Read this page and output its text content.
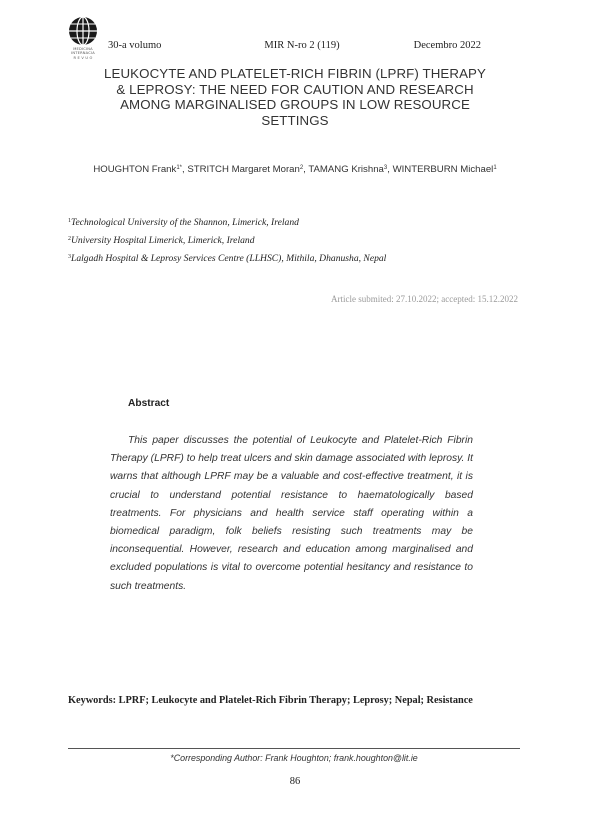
MEDICINA
INTERNACIA
R E V U O
30-a volumo	MIR N-ro 2 (119)	Decembro 2022
LEUKOCYTE AND PLATELET-RICH FIBRIN (LPRF) THERAPY
& LEPROSY: THE NEED FOR CAUTION AND RESEARCH
AMONG MARGINALISED GROUPS IN LOW RESOURCE
SETTINGS
HOUGHTON Frank$^{1*}$, STRITCH Margaret Moran$^2$, TAMANG Krishna$^3$, WINTERBURN Michael$^1$
$^1$Technological University of the Shannon, Limerick, Ireland
$^2$University Hospital Limerick, Limerick, Ireland
$^3$Lalgadh Hospital & Leprosy Services Centre (LLHSC), Mithila, Dhanusha, Nepal
Article submited: 27.10.2022; accepted: 15.12.2022
Abstract
This paper discusses the potential of Leukocyte and Platelet-Rich Fibrin Therapy (LPRF) to help treat ulcers and skin damage associated with leprosy. It warns that although LPRF may be a valuable and cost-effective treatment, it is crucial to understand potential resistance to haematologically based treatments. For physicians and health service staff operating within a biomedical paradigm, folk beliefs resisting such treatments may be inconsequential. However, research and education among marginalised and excluded populations is vital to overcome potential hesitancy and resistance to such treatments.
Keywords: LPRF; Leukocyte and Platelet-Rich Fibrin Therapy; Leprosy; Nepal; Resistance
*Corresponding Author: Frank Houghton; frank.houghton@lit.ie
86
